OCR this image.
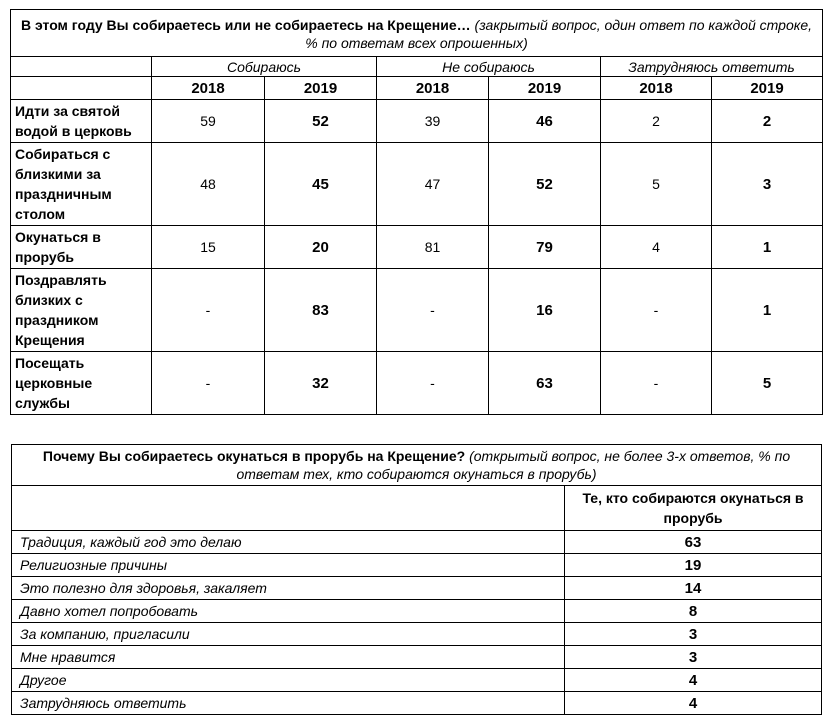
В этом году Вы собираетесь или не собираетесь на Крещение… (закрытый вопрос, один ответ по каждой строке, % по ответам всех опрошенных)						
	Собираюсь		Не собираюсь		Затрудняюсь ответить	
	2018	2019	2018	2019	2018	2019
Идти за святой водой в церковь	59	52	39	46	2	2
Собираться с близкими за праздничным столом	48	45	47	52	5	3
Окунаться в прорубь	15	20	81	79	4	1
Поздравлять близких с праздником Крещения	-	83	-	16	-	1
Посещать церковные службы	-	32	-	63	-	5
Почему Вы собираетесь окунаться в прорубь на Крещение? (открытый вопрос, не более 3-х ответов, % по ответам тех, кто собираются окунаться в прорубь)	
	Те, кто собираются окунаться в прорубь
Традиция, каждый год это делаю	63
Религиозные причины	19
Это полезно для здоровья, закаляет	14
Давно хотел попробовать	8
За компанию, пригласили	3
Мне нравится	3
Другое	4
Затрудняюсь ответить	4
